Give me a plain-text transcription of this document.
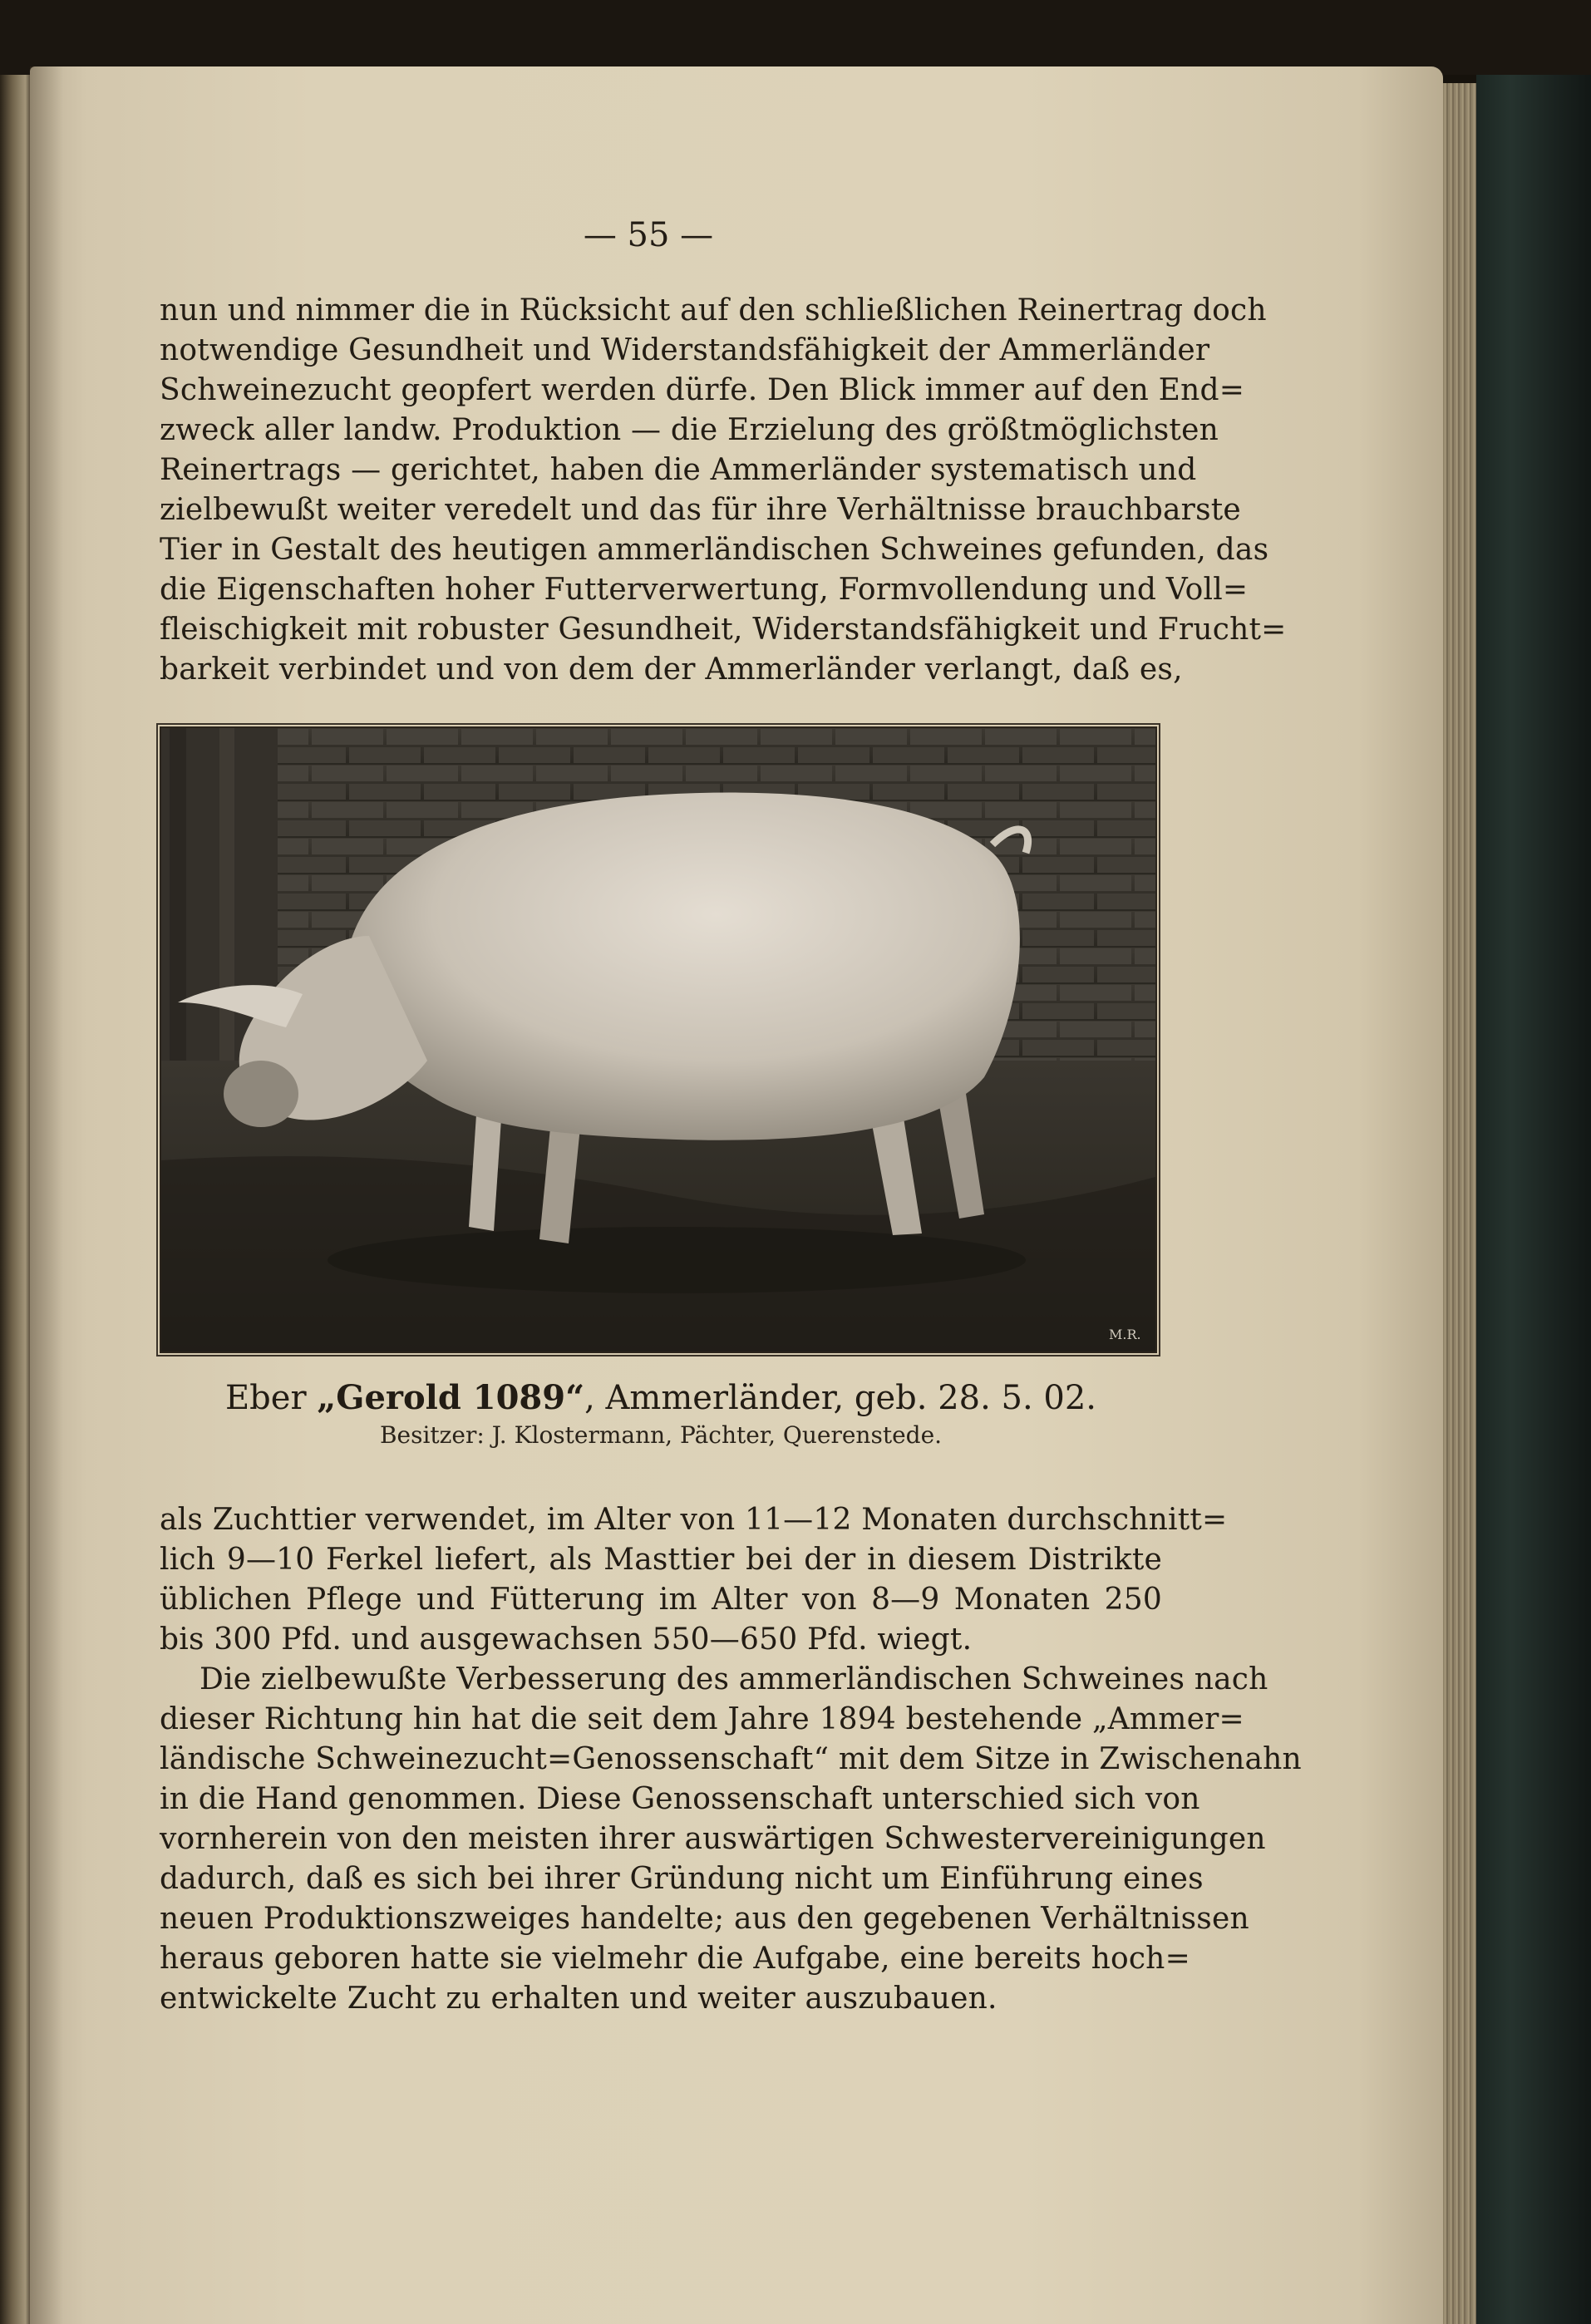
— 55 —
nun und nimmer die in Rücksicht auf den schließlichen Reinertrag doch
notwendige Gesundheit und Widerstandsfähigkeit der Ammerländer
Schweinezucht geopfert werden dürfe. Den Blick immer auf den End=
zweck aller landw. Produktion — die Erzielung des größtmöglichsten
Reinertrags — gerichtet, haben die Ammerländer systematisch und
zielbewußt weiter veredelt und das für ihre Verhältnisse brauchbarste
Tier in Gestalt des heutigen ammerländischen Schweines gefunden, das
die Eigenschaften hoher Futterverwertung, Formvollendung und Voll=
fleischigkeit mit robuster Gesundheit, Widerstandsfähigkeit und Frucht=
barkeit verbindet und von dem der Ammerländer verlangt, daß es,
M.R.
Eber „Gerold 1089“, Ammerländer, geb. 28. 5. 02.
Besitzer: J. Klostermann, Pächter, Querenstede.
als Zuchttier verwendet, im Alter von 11—12 Monaten durchschnitt=
lich 9—10 Ferkel liefert, als Masttier bei der in diesem Distrikte
üblichen Pflege und Fütterung im Alter von 8—9 Monaten 250
bis 300 Pfd. und ausgewachsen 550—650 Pfd. wiegt.
Die zielbewußte Verbesserung des ammerländischen Schweines nach
dieser Richtung hin hat die seit dem Jahre 1894 bestehende „Ammer=
ländische Schweinezucht=Genossenschaft“ mit dem Sitze in Zwischenahn
in die Hand genommen. Diese Genossenschaft unterschied sich von
vornherein von den meisten ihrer auswärtigen Schwestervereinigungen
dadurch, daß es sich bei ihrer Gründung nicht um Einführung eines
neuen Produktionszweiges handelte; aus den gegebenen Verhältnissen
heraus geboren hatte sie vielmehr die Aufgabe, eine bereits hoch=
entwickelte Zucht zu erhalten und weiter auszubauen.
